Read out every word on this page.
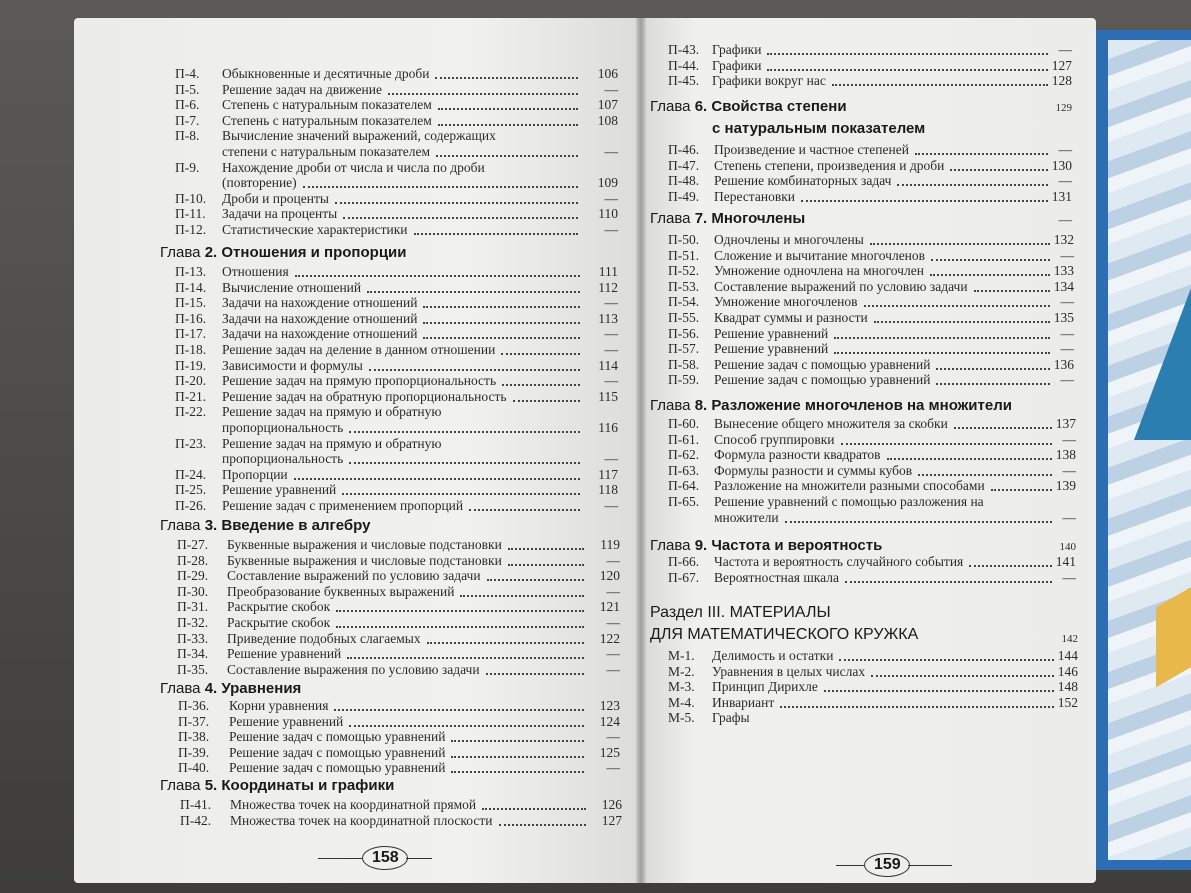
П-4. Обыкновенные и десятичные дроби	106
П-5. Решение задач на движение	—
П-6. Степень с натуральным показателем	107
П-7. Степень с натуральным показателем	108
П-8. Вычисление значений выражений, содержащих
степени с натуральным показателем	—
П-9. Нахождение дроби от числа и числа по дроби
(повторение)	109
П-10. Дроби и проценты	—
П-11. Задачи на проценты	110
П-12. Статистические характеристики	—
Глава 2. Отношения и пропорции
П-13. Отношения	111
П-14. Вычисление отношений	112
П-15. Задачи на нахождение отношений	—
П-16. Задачи на нахождение отношений	113
П-17. Задачи на нахождение отношений	—
П-18. Решение задач на деление в данном отношении	—
П-19. Зависимости и формулы	114
П-20. Решение задач на прямую пропорциональность	—
П-21. Решение задач на обратную пропорциональность	115
П-22. Решение задач на прямую и обратную
пропорциональность	116
П-23. Решение задач на прямую и обратную
пропорциональность	—
П-24. Пропорции	117
П-25. Решение уравнений	118
П-26. Решение задач с применением пропорций	—
Глава 3. Введение в алгебру
П-27. Буквенные выражения и числовые подстановки	119
П-28. Буквенные выражения и числовые подстановки	—
П-29. Составление выражений по условию задачи	120
П-30. Преобразование буквенных выражений	—
П-31. Раскрытие скобок	121
П-32. Раскрытие скобок	—
П-33. Приведение подобных слагаемых	122
П-34. Решение уравнений	—
П-35. Составление выражения по условию задачи	—
Глава 4. Уравнения
П-36. Корни уравнения	123
П-37. Решение уравнений	124
П-38. Решение задач с помощью уравнений	—
П-39. Решение задач с помощью уравнений	125
П-40. Решение задач с помощью уравнений	—
Глава 5. Координаты и графики
П-41. Множества точек на координатной прямой	126
П-42. Множества точек на координатной плоскости	127
158
П-43. Графики	—
П-44. Графики	127
П-45. Графики вокруг нас	128
Глава 6. Свойства степени
с натуральным показателем
129
П-46. Произведение и частное степеней	—
П-47. Степень степени, произведения и дроби	130
П-48. Решение комбинаторных задач	—
П-49. Перестановки	131
Глава 7. Многочлены	—
П-50. Одночлены и многочлены	132
П-51. Сложение и вычитание многочленов	—
П-52. Умножение одночлена на многочлен	133
П-53. Составление выражений по условию задачи	134
П-54. Умножение многочленов	—
П-55. Квадрат суммы и разности	135
П-56. Решение уравнений	—
П-57. Решение уравнений	—
П-58. Решение задач с помощью уравнений	136
П-59. Решение задач с помощью уравнений	—
Глава 8. Разложение многочленов на множители
П-60. Вынесение общего множителя за скобки	137
П-61. Способ группировки	—
П-62. Формула разности квадратов	138
П-63. Формулы разности и суммы кубов	—
П-64. Разложение на множители разными способами	139
П-65. Решение уравнений с помощью разложения на
множители	—
Глава 9. Частота и вероятность	140
П-66. Частота и вероятность случайного события	141
П-67. Вероятностная шкала	—
Раздел III. МАТЕРИАЛЫ
ДЛЯ МАТЕМАТИЧЕСКОГО КРУЖКА	142
М-1. Делимость и остатки	144
М-2. Уравнения в целых числах	146
М-3. Принцип Дирихле	148
М-4. Инвариант	152
М-5. Графы
159
